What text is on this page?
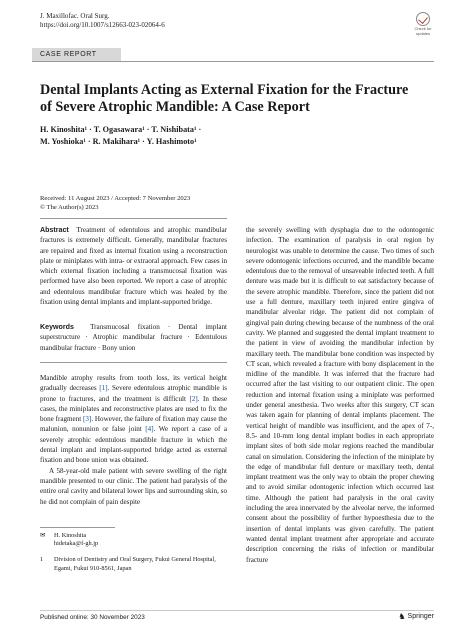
J. Maxillofac. Oral Surg.
https://doi.org/10.1007/s12663-023-02064-6	Check for
updates
CASE REPORT
Dental Implants Acting as External Fixation for the Fracture of Severe Atrophic Mandible: A Case Report
H. Kinoshita¹ · T. Ogasawara¹ · T. Nishibata¹ ·
M. Yoshioka¹ · R. Makihara¹ · Y. Hashimoto¹
Received: 11 August 2023 / Accepted: 7 November 2023
© The Author(s) 2023
Abstract Treatment of edentulous and atrophic mandibular fractures is extremely difficult. Generally, mandibular fractures are repaired and fixed as internal fixation using a reconstruction plate or miniplates with intra- or extraoral approach. Few cases in which external fixation including a transmucosal fixation was performed have also been reported. We report a case of atrophic and edentulous mandibular fracture which was healed by the fixation using dental implants and implant-supported bridge.
Keywords Transmucosal fixation · Dental implant superstructure · Atrophic mandibular fracture · Edentulous mandibular fracture · Bony union

Mandible atrophy results from tooth loss, its vertical height gradually decreases [1]. Severe edentulous atrophic mandible is prone to fractures, and the treatment is difficult [2]. In these cases, the miniplates and reconstructive plates are used to fix the bone fragment [3]. However, the failure of fixation may cause the malunion, nonunion or false joint [4]. We report a case of a severely atrophic edentulous mandible fracture in which the dental implant and implant-supported bridge acted as external fixation and bone union was obtained.

A 58-year-old male patient with severe swelling of the right mandible presented to our clinic. The patient had paralysis of the entire oral cavity and bilateral lower lips and surrounding skin, so he did not complain of pain despite

the severely swelling with dysphagia due to the odontogenic infection. The examination of paralysis in oral region by neurologist was unable to determine the cause. Two times of such severe odontogenic infections occurred, and the mandible became edentulous due to the removal of unsaveable infected teeth. A full denture was made but it is difficult to eat satisfactory because of the severe atrophic mandible. Therefore, since the patient did not use a full denture, maxillary teeth injured entire gingiva of mandibular alveolar ridge. The patient did not complain of gingival pain during chewing because of the numbness of the oral cavity. We planned and suggested the dental implant treatment to the patient in view of avoiding the mandibular infection by maxillary teeth. The mandibular bone condition was inspected by CT scan, which revealed a fracture with bony displacement in the midline of the mandible. It was inferred that the fracture had occurred after the last visiting to our outpatient clinic. The open reduction and internal fixation using a miniplate was performed under general anesthesia. Two weeks after this surgery, CT scan was taken again for planning of dental implants placement. The vertical height of mandible was insufficient, and the apex of 7-, 8.5- and 10-mm long dental implant bodies in each appropriate implant sites of both side molar regions reached the mandibular canal on simulation. Considering the infection of the miniplate by the edge of mandibular full denture or maxillary teeth, dental implant treatment was the only way to obtain the proper chewing and to avoid similar odontogenic infection which occurred last time. Although the patient had paralysis in the oral cavity including the area innervated by the alveolar nerve, the informed consent about the possibility of further hypoesthesia due to the insertion of dental implants was given carefully. The patient wanted dental implant treatment after appropriate and accurate description concerning the risks of infection or mandibular fracture
✉	H. Kinoshita
hidetaka@f-gh.jp
1	Division of Dentistry and Oral Surgery, Fukui General Hospital, Egami, Fukui 910-8561, Japan
Published online: 30 November 2023	♞ Springer
